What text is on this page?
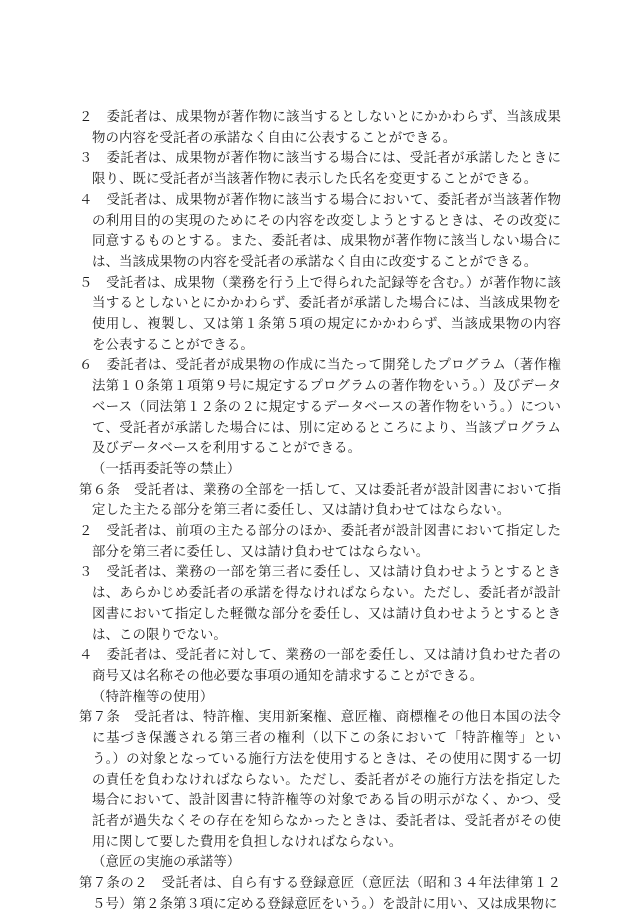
２　委託者は、成果物が著作物に該当するとしないとにかかわらず、当該成果物の内容を受託者の承諾なく自由に公表することができる。

３　委託者は、成果物が著作物に該当する場合には、受託者が承諾したときに限り、既に受託者が当該著作物に表示した氏名を変更することができる。

４　受託者は、成果物が著作物に該当する場合において、委託者が当該著作物の利用目的の実現のためにその内容を改変しようとするときは、その改変に同意するものとする。また、委託者は、成果物が著作物に該当しない場合には、当該成果物の内容を受託者の承諾なく自由に改変することができる。

５　受託者は、成果物（業務を行う上で得られた記録等を含む。）が著作物に該当するとしないとにかかわらず、委託者が承諾した場合には、当該成果物を使用し、複製し、又は第１条第５項の規定にかかわらず、当該成果物の内容を公表することができる。

６　委託者は、受託者が成果物の作成に当たって開発したプログラム（著作権法第１０条第１項第９号に規定するプログラムの著作物をいう。）及びデータベース（同法第１２条の２に規定するデータベースの著作物をいう。）について、受託者が承諾した場合には、別に定めるところにより、当該プログラム及びデータベースを利用することができる。

（一括再委託等の禁止）

第６条　受託者は、業務の全部を一括して、又は委託者が設計図書において指定した主たる部分を第三者に委任し、又は請け負わせてはならない。

２　受託者は、前項の主たる部分のほか、委託者が設計図書において指定した部分を第三者に委任し、又は請け負わせてはならない。

３　受託者は、業務の一部を第三者に委任し、又は請け負わせようとするときは、あらかじめ委託者の承諾を得なければならない。ただし、委託者が設計図書において指定した軽微な部分を委任し、又は請け負わせようとするときは、この限りでない。

４　委託者は、受託者に対して、業務の一部を委任し、又は請け負わせた者の商号又は名称その他必要な事項の通知を請求することができる。

（特許権等の使用）

第７条　受託者は、特許権、実用新案権、意匠権、商標権その他日本国の法令に基づき保護される第三者の権利（以下この条において「特許権等」という。）の対象となっている施行方法を使用するときは、その使用に関する一切の責任を負わなければならない。ただし、委託者がその施行方法を指定した場合において、設計図書に特許権等の対象である旨の明示がなく、かつ、受託者が過失なくその存在を知らなかったときは、委託者は、受託者がその使用に関して要した費用を負担しなければならない。

（意匠の実施の承諾等）

第７条の２　受託者は、自ら有する登録意匠（意匠法（昭和３４年法律第１２５号）第２条第３項に定める登録意匠をいう。）を設計に用い、又は成果物に
